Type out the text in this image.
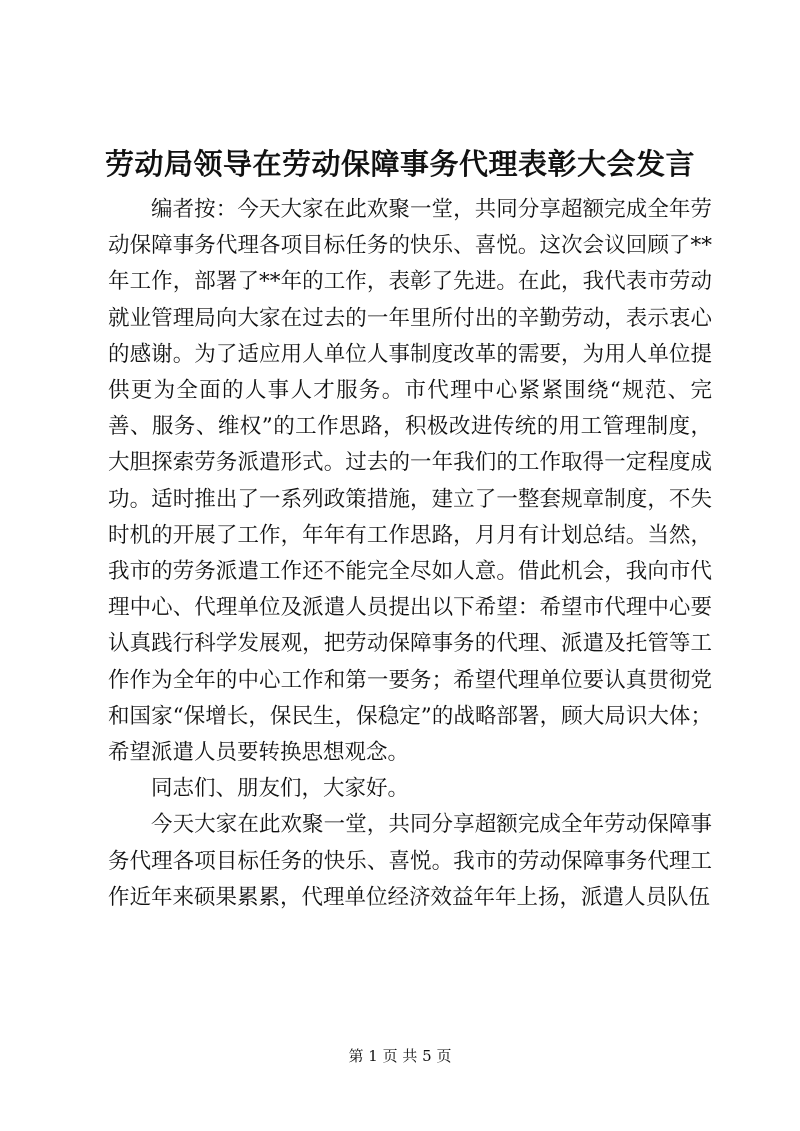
劳动局领导在劳动保障事务代理表彰大会发言

编者按：今天大家在此欢聚一堂，共同分享超额完成全年劳动保障事务代理各项目标任务的快乐、喜悦。这次会议回顾了**年工作，部署了**年的工作，表彰了先进。在此，我代表市劳动就业管理局向大家在过去的一年里所付出的辛勤劳动，表示衷心的感谢。为了适应用人单位人事制度改革的需要，为用人单位提供更为全面的人事人才服务。市代理中心紧紧围绕“规范、完善、服务、维权”的工作思路，积极改进传统的用工管理制度，大胆探索劳务派遣形式。过去的一年我们的工作取得一定程度成功。适时推出了一系列政策措施，建立了一整套规章制度，不失时机的开展了工作，年年有工作思路，月月有计划总结。当然，我市的劳务派遣工作还不能完全尽如人意。借此机会，我向市代理中心、代理单位及派遣人员提出以下希望：希望市代理中心要认真践行科学发展观，把劳动保障事务的代理、派遣及托管等工作作为全年的中心工作和第一要务；希望代理单位要认真贯彻党和国家“保增长，保民生，保稳定”的战略部署，顾大局识大体；希望派遣人员要转换思想观念。

同志们、朋友们，大家好。

今天大家在此欢聚一堂，共同分享超额完成全年劳动保障事务代理各项目标任务的快乐、喜悦。我市的劳动保障事务代理工作近年来硕果累累，代理单位经济效益年年上扬，派遣人员队伍

第 1 页 共 5 页
